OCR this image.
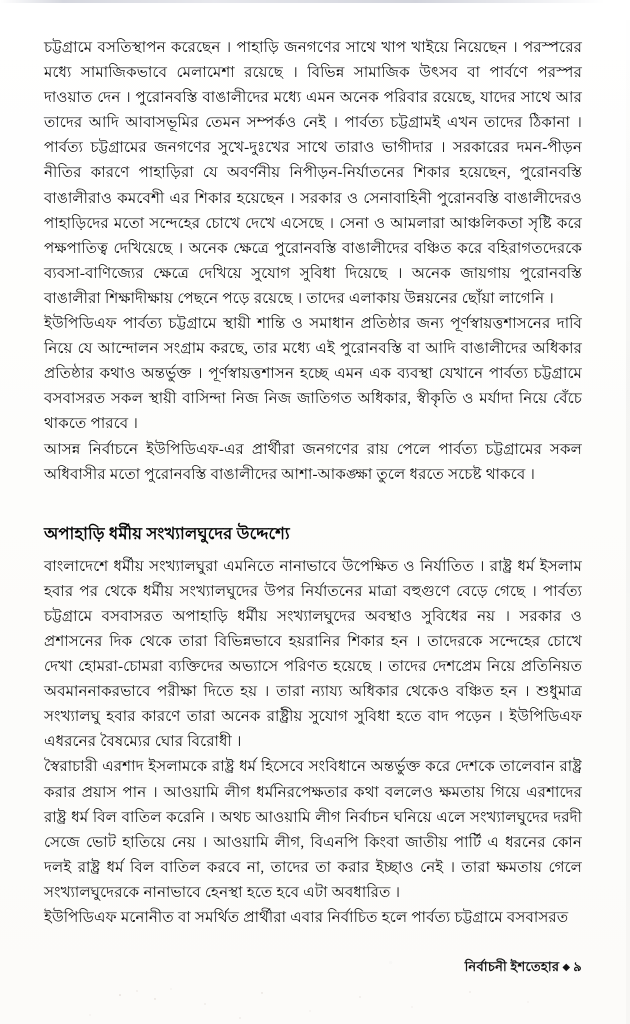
চট্টগ্রামে বসতিস্থাপন করেছেন । পাহাড়ি জনগণের সাথে খাপ খাইয়ে নিয়েছেন । পরস্পরের মধ্যে সামাজিকভাবে মেলামেশা রয়েছে । বিভিন্ন সামাজিক উৎসব বা পার্বণে পরস্পর দাওয়াত দেন । পুরোনবস্তি বাঙালীদের মধ্যে এমন অনেক পরিবার রয়েছে, যাদের সাথে আর তাদের আদি আবাসভূমির তেমন সম্পর্কও নেই । পার্বত্য চট্টগ্রামই এখন তাদের ঠিকানা । পার্বত্য চট্টগ্রামের জনগণের সুখে-দুঃখের সাথে তারাও ভাগীদার । সরকারের দমন-পীড়ন নীতির কারণে পাহাড়িরা যে অবর্ণনীয় নিপীড়ন-নির্যাতনের শিকার হয়েছেন, পুরোনবস্তি বাঙালীরাও কমবেশী এর শিকার হয়েছেন । সরকার ও সেনাবাহিনী পুরোনবস্তি বাঙালীদেরও পাহাড়িদের মতো সন্দেহের চোখে দেখে এসেছে । সেনা ও আমলারা আঞ্চলিকতা সৃষ্টি করে পক্ষপাতিত্ব দেখিয়েছে । অনেক ক্ষেত্রে পুরোনবস্তি বাঙালীদের বঞ্চিত করে বহিরাগতদেরকে ব্যবসা-বাণিজ্যের ক্ষেত্রে দেখিয়ে সুযোগ সুবিধা দিয়েছে । অনেক জায়গায় পুরোনবস্তি বাঙালীরা শিক্ষাদীক্ষায় পেছনে পড়ে রয়েছে । তাদের এলাকায় উন্নয়নের ছোঁয়া লাগেনি ।

ইউপিডিএফ পার্বত্য চট্টগ্রামে স্থায়ী শান্তি ও সমাধান প্রতিষ্ঠার জন্য পূর্ণস্বায়ত্তশাসনের দাবি নিয়ে যে আন্দোলন সংগ্রাম করছে, তার মধ্যে এই পুরোনবস্তি বা আদি বাঙালীদের অধিকার প্রতিষ্ঠার কথাও অন্তর্ভুক্ত । পূর্ণস্বায়ত্তশাসন হচ্ছে এমন এক ব্যবস্থা যেখানে পার্বত্য চট্টগ্রামে বসবাসরত সকল স্থায়ী বাসিন্দা নিজ নিজ জাতিগত অধিকার, স্বীকৃতি ও মর্যাদা নিয়ে বেঁচে থাকতে পারবে ।

আসন্ন নির্বাচনে ইউপিডিএফ-এর প্রার্থীরা জনগণের রায় পেলে পার্বত্য চট্টগ্রামের সকল অধিবাসীর মতো পুরোনবস্তি বাঙালীদের আশা-আকঙ্ক্ষা তুলে ধরতে সচেষ্ট থাকবে ।

অপাহাড়ি ধর্মীয় সংখ্যালঘুদের উদ্দেশ্যে

বাংলাদেশে ধর্মীয় সংখ্যালঘুরা এমনিতে নানাভাবে উপেক্ষিত ও নির্যাতিত । রাষ্ট্র ধর্ম ইসলাম হবার পর থেকে ধর্মীয় সংখ্যালঘুদের উপর নির্যাতনের মাত্রা বহুগুণে বেড়ে গেছে । পার্বত্য চট্টগ্রামে বসবাসরত অপাহাড়ি ধর্মীয় সংখ্যালঘুদের অবস্থাও সুবিধের নয় । সরকার ও প্রশাসনের দিক থেকে তারা বিভিন্নভাবে হয়রানির শিকার হন । তাদেরকে সন্দেহের চোখে দেখা হোমরা-চোমরা ব্যক্তিদের অভ্যাসে পরিণত হয়েছে । তাদের দেশপ্রেম নিয়ে প্রতিনিয়ত অবমাননাকরভাবে পরীক্ষা দিতে হয় । তারা ন্যায্য অধিকার থেকেও বঞ্চিত হন । শুধুমাত্র সংখ্যালঘু হবার কারণে তারা অনেক রাষ্ট্রীয় সুযোগ সুবিধা হতে বাদ পড়েন । ইউপিডিএফ এধরনের বৈষম্যের ঘোর বিরোধী ।

স্বৈরাচারী এরশাদ ইসলামকে রাষ্ট্র ধর্ম হিসেবে সংবিধানে অন্তর্ভুক্ত করে দেশকে তালেবান রাষ্ট্র করার প্রয়াস পান । আওয়ামি লীগ ধর্মনিরপেক্ষতার কথা বললেও ক্ষমতায় গিয়ে এরশাদের রাষ্ট্র ধর্ম বিল বাতিল করেনি । অথচ আওয়ামি লীগ নির্বাচন ঘনিয়ে এলে সংখ্যালঘুদের দরদী সেজে ভোট হাতিয়ে নেয় । আওয়ামি লীগ, বিএনপি কিংবা জাতীয় পার্টি এ ধরনের কোন দলই রাষ্ট্র ধর্ম বিল বাতিল করবে না, তাদের তা করার ইচ্ছাও নেই । তারা ক্ষমতায় গেলে সংখ্যালঘুদেরকে নানাভাবে হেনস্থা হতে হবে এটা অবধারিত ।

ইউপিডিএফ মনোনীত বা সমর্থিত প্রার্থীরা এবার নির্বাচিত হলে পার্বত্য চট্টগ্রামে বসবাসরত

নির্বাচনী ইশতেহার ◆ ৯
